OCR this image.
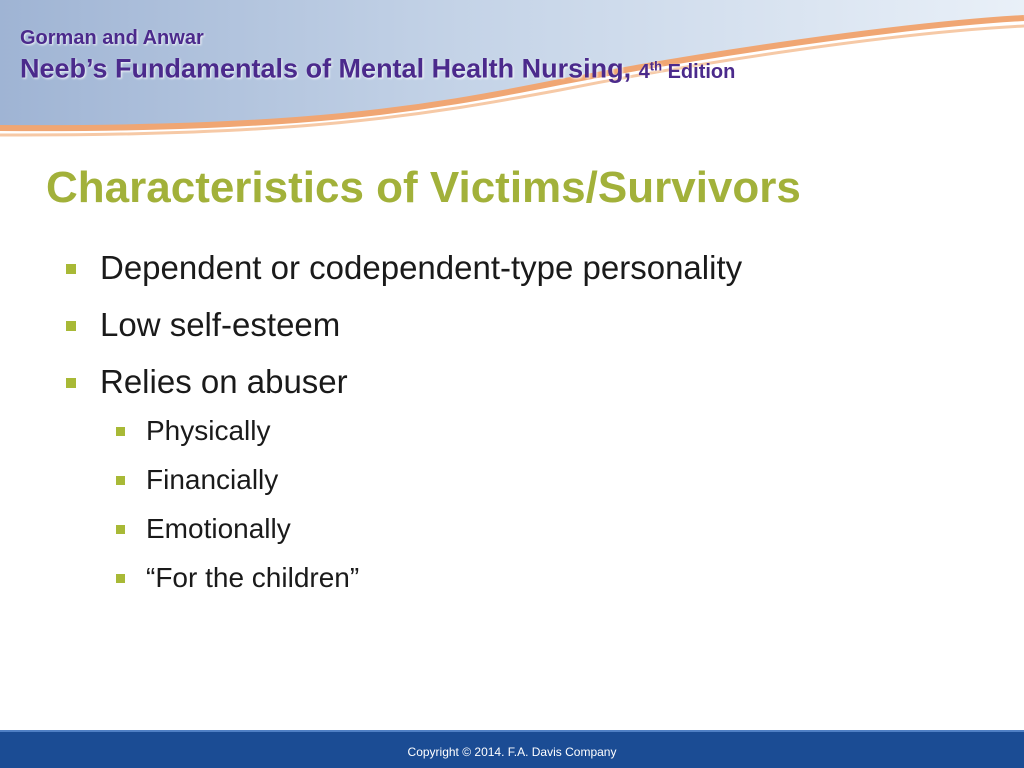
Gorman and Anwar
Neeb’s Fundamentals of Mental Health Nursing, 4th Edition
Characteristics of Victims/Survivors
Dependent or codependent-type personality
Low self-esteem
Relies on abuser
Physically
Financially
Emotionally
“For the children”
Copyright © 2014. F.A. Davis Company
